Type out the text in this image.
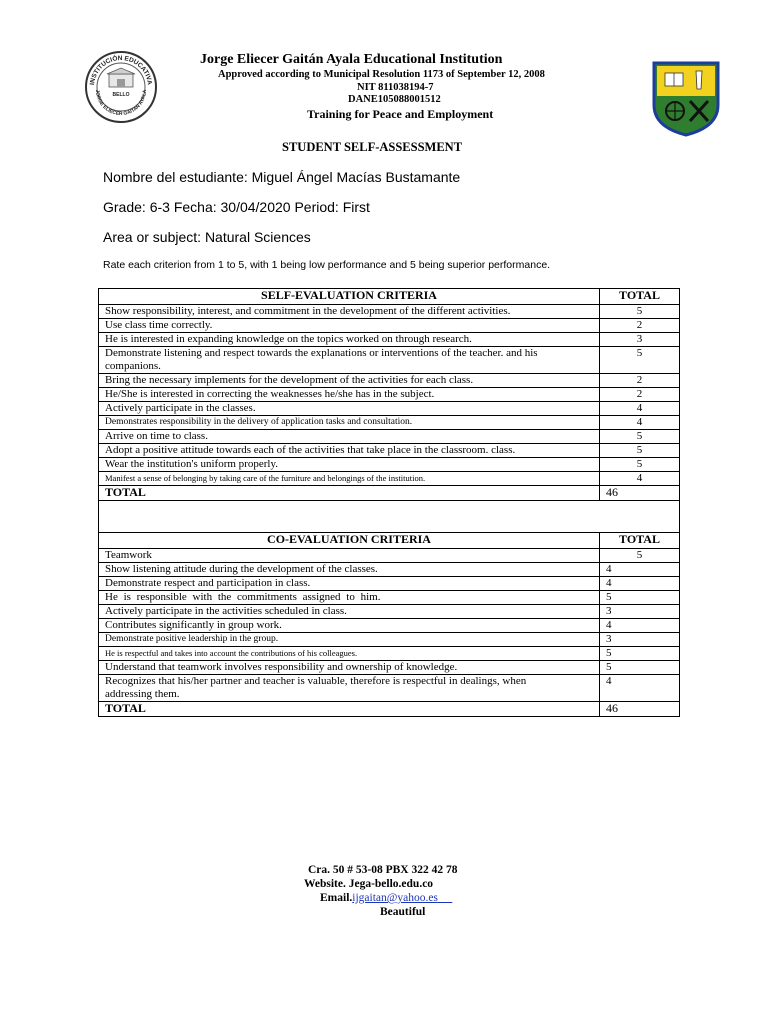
INSTITUCIÓN EDUCATIVA
JORGE ELIECER GAITAN AYALA
BELLO
Jorge Eliecer Gaitán Ayala Educational Institution
Approved according to Municipal Resolution 1173 of September 12, 2008
NIT 811038194-7
DANE105088001512
Training for Peace and Employment
STUDENT SELF-ASSESSMENT
Nombre del estudiante: Miguel Ángel Macías Bustamante
Grade: 6-3 Fecha: 30/04/2020 Period: First
Area or subject: Natural Sciences
Rate each criterion from 1 to 5, with 1 being low performance and 5 being superior performance.
SELF-EVALUATION CRITERIA	TOTAL
Show responsibility, interest, and commitment in the development of the different activities.	5
Use class time correctly.	2
He is interested in expanding knowledge on the topics worked on through research.	3
Demonstrate listening and respect towards the explanations or interventions of the teacher. and his companions.	5
Bring the necessary implements for the development of the activities for each class.	2
He/She is interested in correcting the weaknesses he/she has in the subject.	2
Actively participate in the classes.	4
Demonstrates responsibility in the delivery of application tasks and consultation.	4
Arrive on time to class.	5
Adopt a positive attitude towards each of the activities that take place in the classroom. class.	5
Wear the institution's uniform properly.	5
Manifest a sense of belonging by taking care of the furniture and belongings of the institution.	4
TOTAL	46

CO-EVALUATION CRITERIA	TOTAL
Teamwork	5
Show listening attitude during the development of the classes.	4
Demonstrate respect and participation in class.	4
He is responsible with the commitments assigned to him.	5
Actively participate in the activities scheduled in class.	3
Contributes significantly in group work.	4
Demonstrate positive leadership in the group.	3
He is respectful and takes into account the contributions of his colleagues.	5
Understand that teamwork involves responsibility and ownership of knowledge.	5
Recognizes that his/her partner and teacher is valuable, therefore is respectful in dealings, when addressing them.	4
TOTAL	46
Cra. 50 # 53-08 PBX 322 42 78
Website. Jega-bello.edu.co
Email.ijgaitan@yahoo.es
Beautiful
